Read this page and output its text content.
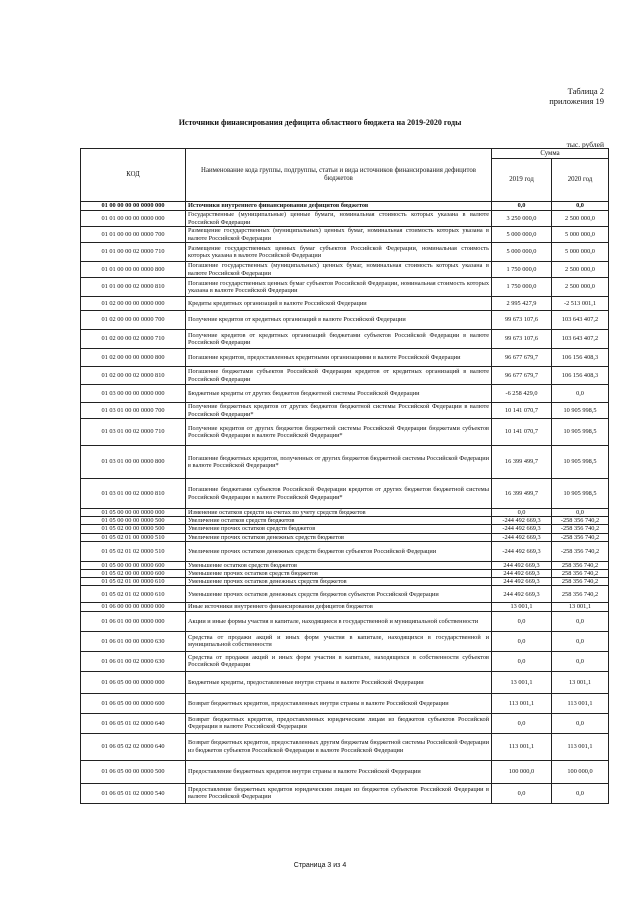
Таблица 2
приложения 19
Источники финансирования дефицита областного бюджета на 2019-2020 годы
тыс. рублей
КОД	Наименование кода группы, подгруппы, статьи и вида источников финансирования дефицитов бюджетов	Сумма	
		2019 год	2020 год
01 00 00 00 00 0000 000	Источники внутреннего финансирования дефицитов бюджетов	0,0	0,0
01 01 00 00 00 0000 000	Государственные (муниципальные) ценные бумаги, номинальная стоимость которых указана в валюте Российской Федерации	3 250 000,0	2 500 000,0
01 01 00 00 00 0000 700	Размещение государственных (муниципальных) ценных бумаг, номинальная стоимость которых указана в валюте Российской Федерации	5 000 000,0	5 000 000,0
01 01 00 00 02 0000 710	Размещение государственных ценных бумаг субъектов Российской Федерации, номинальная стоимость которых указана в валюте Российской Федерации	5 000 000,0	5 000 000,0
01 01 00 00 00 0000 800	Погашение государственных (муниципальных) ценных бумаг, номинальная стоимость которых указана в валюте Российской Федерации	1 750 000,0	2 500 000,0
01 01 00 00 02 0000 810	Погашение государственных ценных бумаг субъектов Российской Федерации, номинальная стоимость которых указана в валюте Российской Федерации	1 750 000,0	2 500 000,0
01 02 00 00 00 0000 000	Кредиты кредитных организаций в валюте Российской Федерации	2 995 427,9	-2 513 001,1
01 02 00 00 00 0000 700	Получение кредитов от кредитных организаций в валюте Российской Федерации	99 673 107,6	103 643 407,2
01 02 00 00 02 0000 710	Получение кредитов от кредитных организаций бюджетами субъектов Российской Федерации в валюте Российской Федерации	99 673 107,6	103 643 407,2
01 02 00 00 00 0000 800	Погашение кредитов, предоставленных кредитными организациями в валюте Российской Федерации	96 677 679,7	106 156 408,3
01 02 00 00 02 0000 810	Погашение бюджетами субъектов Российской Федерации кредитов от кредитных организаций в валюте Российской Федерации	96 677 679,7	106 156 408,3
01 03 00 00 00 0000 000	Бюджетные кредиты от других бюджетов бюджетной системы Российской Федерации	-6 258 429,0	0,0
01 03 01 00 00 0000 700	Получение бюджетных кредитов от других бюджетов бюджетной системы Российской Федерации в валюте Российской Федерации*	10 141 070,7	10 905 998,5
01 03 01 00 02 0000 710	Получение кредитов от других бюджетов бюджетной системы Российской Федерации бюджетами субъектов Российской Федерации в валюте Российской Федерации*	10 141 070,7	10 905 998,5
01 03 01 00 00 0000 800	Погашение бюджетных кредитов, полученных от других бюджетов бюджетной системы Российской Федерации в валюте Российской Федерации*	16 399 499,7	10 905 998,5
01 03 01 00 02 0000 810	Погашение бюджетами субъектов Российской Федерации кредитов от других бюджетов бюджетной системы Российской Федерации в валюте Российской Федерации*	16 399 499,7	10 905 998,5
01 05 00 00 00 0000 000	Изменение остатков средств на счетах по учету средств бюджетов	0,0	0,0
01 05 00 00 00 0000 500	Увеличение остатков средств бюджетов	-244 492 669,3	-258 356 740,2
01 05 02 00 00 0000 500	Увеличение прочих остатков средств бюджетов	-244 492 669,3	-258 356 740,2
01 05 02 01 00 0000 510	Увеличение прочих остатков денежных средств бюджетов	-244 492 669,3	-258 356 740,2
01 05 02 01 02 0000 510	Увеличение прочих остатков денежных средств бюджетов субъектов Российской Федерации	-244 492 669,3	-258 356 740,2
01 05 00 00 00 0000 600	Уменьшение остатков средств бюджетов	244 492 669,3	258 356 740,2
01 05 02 00 00 0000 600	Уменьшение прочих остатков средств бюджетов	244 492 669,3	258 356 740,2
01 05 02 01 00 0000 610	Уменьшение прочих остатков денежных средств бюджетов	244 492 669,3	258 356 740,2
01 05 02 01 02 0000 610	Уменьшение прочих остатков денежных средств бюджетов субъектов Российской Федерации	244 492 669,3	258 356 740,2
01 06 00 00 00 0000 000	Иные источники внутреннего финансирования дефицитов бюджетов	13 001,1	13 001,1
01 06 01 00 00 0000 000	Акции и иные формы участия в капитале, находящиеся в государственной и муниципальной собственности	0,0	0,0
01 06 01 00 00 0000 630	Средства от продажи акций и иных форм участия в капитале, находящихся в государственной и муниципальной собственности	0,0	0,0
01 06 01 00 02 0000 630	Средства от продажи акций и иных форм участия в капитале, находящихся в собственности субъектов Российской Федерации	0,0	0,0
01 06 05 00 00 0000 000	Бюджетные кредиты, предоставленные внутри страны в валюте Российской Федерации	13 001,1	13 001,1
01 06 05 00 00 0000 600	Возврат бюджетных кредитов, предоставленных внутри страны в валюте Российской Федерации	113 001,1	113 001,1
01 06 05 01 02 0000 640	Возврат бюджетных кредитов, предоставленных юридическим лицам из бюджетов субъектов Российской Федерации в валюте Российской Федерации	0,0	0,0
01 06 05 02 02 0000 640	Возврат бюджетных кредитов, предоставленных другим бюджетам бюджетной системы Российской Федерации из бюджетов субъектов Российской Федерации в валюте Российской Федерации	113 001,1	113 001,1
01 06 05 00 00 0000 500	Предоставление бюджетных кредитов внутри страны в валюте Российской Федерации	100 000,0	100 000,0
01 06 05 01 02 0000 540	Предоставление бюджетных кредитов юридическим лицам из бюджетов субъектов Российской Федерации в валюте Российской Федерации	0,0	0,0
Страница 3 из 4
